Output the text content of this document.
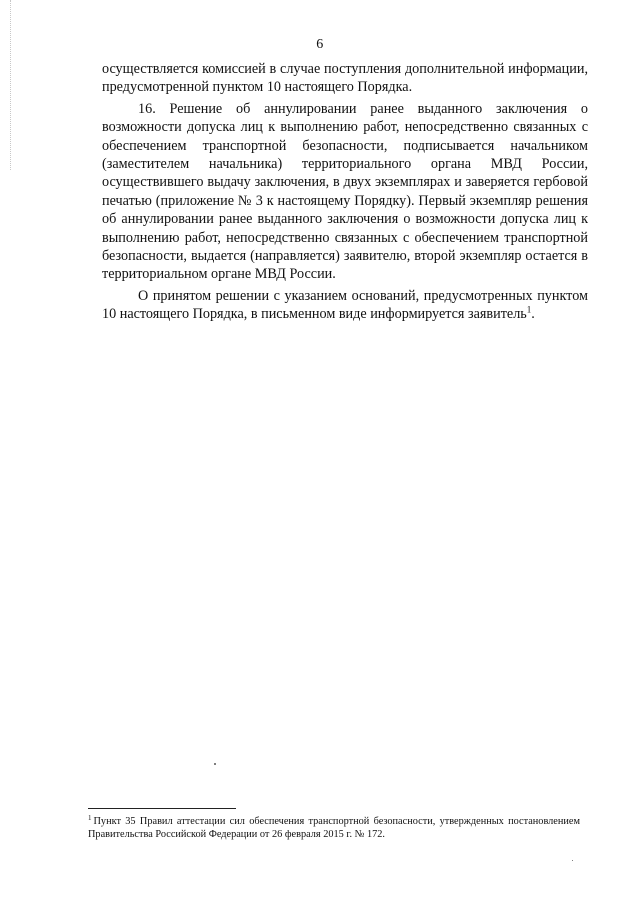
6

осуществляется комиссией в случае поступления дополнительной информации, предусмотренной пунктом 10 настоящего Порядка.

16. Решение об аннулировании ранее выданного заключения о возможности допуска лиц к выполнению работ, непосредственно связанных с обеспечением транспортной безопасности, подписывается начальником (заместителем начальника) территориального органа МВД России, осуществившего выдачу заключения, в двух экземплярах и заверяется гербовой печатью (приложение № 3 к настоящему Порядку). Первый экземпляр решения об аннулировании ранее выданного заключения о возможности допуска лиц к выполнению работ, непосредственно связанных с обеспечением транспортной безопасности, выдается (направляется) заявителю, второй экземпляр остается в территориальном органе МВД России.

О принятом решении с указанием оснований, предусмотренных пунктом 10 настоящего Порядка, в письменном виде информируется заявитель$^1$.

$^1$ Пункт 35 Правил аттестации сил обеспечения транспортной безопасности, утвержденных постановлением Правительства Российской Федерации от 26 февраля 2015 г. № 172.
